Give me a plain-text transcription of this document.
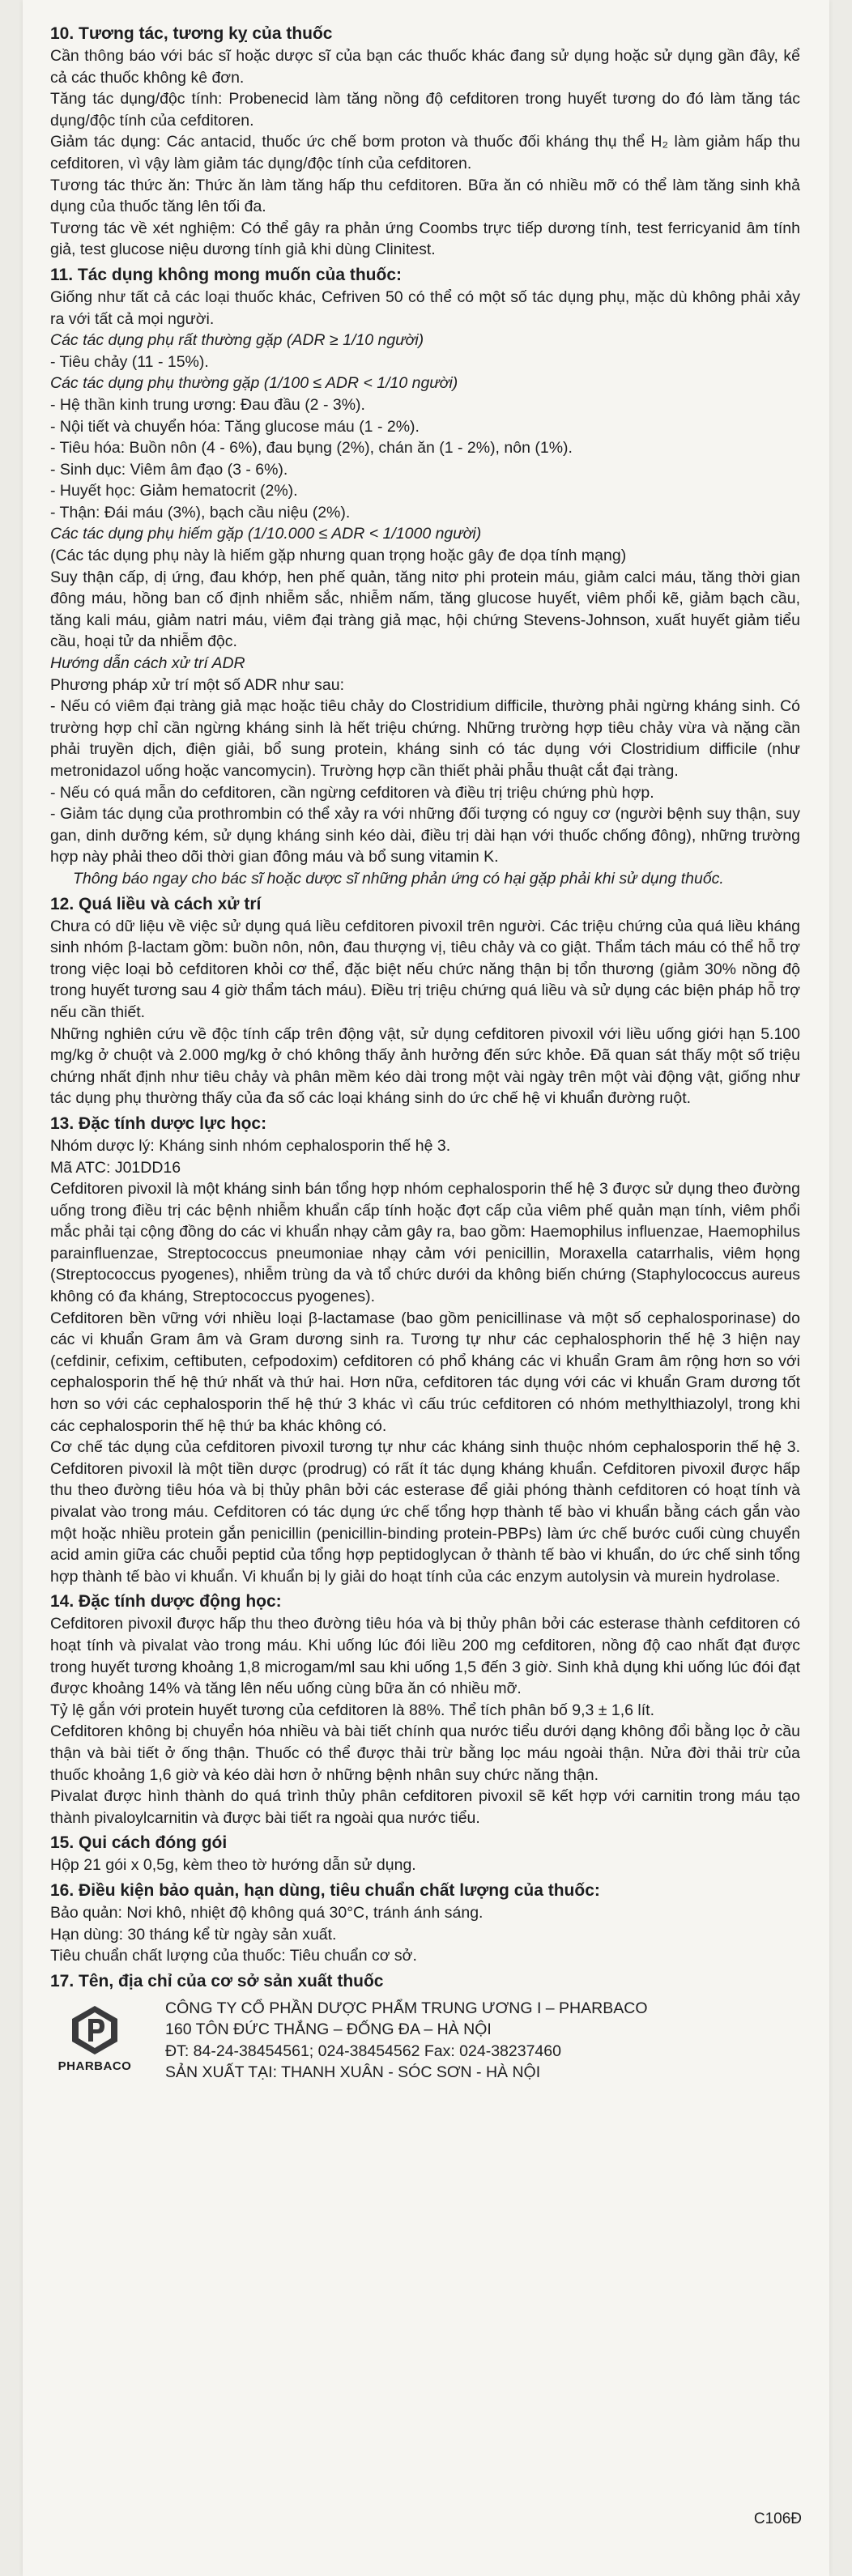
10. Tương tác, tương kỵ của thuốc

Cần thông báo với bác sĩ hoặc dược sĩ của bạn các thuốc khác đang sử dụng hoặc sử dụng gần đây, kể cả các thuốc không kê đơn.

Tăng tác dụng/độc tính: Probenecid làm tăng nồng độ cefditoren trong huyết tương do đó làm tăng tác dụng/độc tính của cefditoren.

Giảm tác dụng: Các antacid, thuốc ức chế bơm proton và thuốc đối kháng thụ thể H₂ làm giảm hấp thu cefditoren, vì vậy làm giảm tác dụng/độc tính của cefditoren.

Tương tác thức ăn: Thức ăn làm tăng hấp thu cefditoren. Bữa ăn có nhiều mỡ có thể làm tăng sinh khả dụng của thuốc tăng lên tối đa.

Tương tác về xét nghiệm: Có thể gây ra phản ứng Coombs trực tiếp dương tính, test ferricyanid âm tính giả, test glucose niệu dương tính giả khi dùng Clinitest.

11. Tác dụng không mong muốn của thuốc:

Giống như tất cả các loại thuốc khác, Cefriven 50 có thể có một số tác dụng phụ, mặc dù không phải xảy ra với tất cả mọi người.

Các tác dụng phụ rất thường gặp (ADR ≥ 1/10 người)

- Tiêu chảy (11 - 15%).

Các tác dụng phụ thường gặp (1/100 ≤ ADR < 1/10 người)

- Hệ thần kinh trung ương: Đau đầu (2 - 3%).

- Nội tiết và chuyển hóa: Tăng glucose máu (1 - 2%).

- Tiêu hóa: Buồn nôn (4 - 6%), đau bụng (2%), chán ăn (1 - 2%), nôn (1%).

- Sinh dục: Viêm âm đạo (3 - 6%).

- Huyết học: Giảm hematocrit (2%).

- Thận: Đái máu (3%), bạch cầu niệu (2%).

Các tác dụng phụ hiếm gặp (1/10.000 ≤ ADR < 1/1000 người)

(Các tác dụng phụ này là hiếm gặp nhưng quan trọng hoặc gây đe dọa tính mạng)

Suy thận cấp, dị ứng, đau khớp, hen phế quản, tăng nitơ phi protein máu, giảm calci máu, tăng thời gian đông máu, hồng ban cố định nhiễm sắc, nhiễm nấm, tăng glucose huyết, viêm phổi kẽ, giảm bạch cầu, tăng kali máu, giảm natri máu, viêm đại tràng giả mạc, hội chứng Stevens-Johnson, xuất huyết giảm tiểu cầu, hoại tử da nhiễm độc.

Hướng dẫn cách xử trí ADR

Phương pháp xử trí một số ADR như sau:

- Nếu có viêm đại tràng giả mạc hoặc tiêu chảy do Clostridium difficile, thường phải ngừng kháng sinh. Có trường hợp chỉ cần ngừng kháng sinh là hết triệu chứng. Những trường hợp tiêu chảy vừa và nặng cần phải truyền dịch, điện giải, bổ sung protein, kháng sinh có tác dụng với Clostridium difficile (như metronidazol uống hoặc vancomycin). Trường hợp cần thiết phải phẫu thuật cắt đại tràng.

- Nếu có quá mẫn do cefditoren, cần ngừng cefditoren và điều trị triệu chứng phù hợp.

- Giảm tác dụng của prothrombin có thể xảy ra với những đối tượng có nguy cơ (người bệnh suy thận, suy gan, dinh dưỡng kém, sử dụng kháng sinh kéo dài, điều trị dài hạn với thuốc chống đông), những trường hợp này phải theo dõi thời gian đông máu và bổ sung vitamin K.

Thông báo ngay cho bác sĩ hoặc dược sĩ những phản ứng có hại gặp phải khi sử dụng thuốc.

12. Quá liều và cách xử trí

Chưa có dữ liệu về việc sử dụng quá liều cefditoren pivoxil trên người. Các triệu chứng của quá liều kháng sinh nhóm β-lactam gồm: buồn nôn, nôn, đau thượng vị, tiêu chảy và co giật. Thẩm tách máu có thể hỗ trợ trong việc loại bỏ cefditoren khỏi cơ thể, đặc biệt nếu chức năng thận bị tổn thương (giảm 30% nồng độ trong huyết tương sau 4 giờ thẩm tách máu). Điều trị triệu chứng quá liều và sử dụng các biện pháp hỗ trợ nếu cần thiết.

Những nghiên cứu về độc tính cấp trên động vật, sử dụng cefditoren pivoxil với liều uống giới hạn 5.100 mg/kg ở chuột và 2.000 mg/kg ở chó không thấy ảnh hưởng đến sức khỏe. Đã quan sát thấy một số triệu chứng nhất định như tiêu chảy và phân mềm kéo dài trong một vài ngày trên một vài động vật, giống như tác dụng phụ thường thấy của đa số các loại kháng sinh do ức chế hệ vi khuẩn đường ruột.

13. Đặc tính dược lực học:

Nhóm dược lý: Kháng sinh nhóm cephalosporin thế hệ 3.

Mã ATC: J01DD16

Cefditoren pivoxil là một kháng sinh bán tổng hợp nhóm cephalosporin thế hệ 3 được sử dụng theo đường uống trong điều trị các bệnh nhiễm khuẩn cấp tính hoặc đợt cấp của viêm phế quản mạn tính, viêm phổi mắc phải tại cộng đồng do các vi khuẩn nhạy cảm gây ra, bao gồm: Haemophilus influenzae, Haemophilus parainfluenzae, Streptococcus pneumoniae nhạy cảm với penicillin, Moraxella catarrhalis, viêm họng (Streptococcus pyogenes), nhiễm trùng da và tổ chức dưới da không biến chứng (Staphylococcus aureus không có đa kháng, Streptococcus pyogenes).

Cefditoren bền vững với nhiều loại β-lactamase (bao gồm penicillinase và một số cephalosporinase) do các vi khuẩn Gram âm và Gram dương sinh ra. Tương tự như các cephalosphorin thế hệ 3 hiện nay (cefdinir, cefixim, ceftibuten, cefpodoxim) cefditoren có phổ kháng các vi khuẩn Gram âm rộng hơn so với cephalosporin thế hệ thứ nhất và thứ hai. Hơn nữa, cefditoren tác dụng với các vi khuẩn Gram dương tốt hơn so với các cephalosporin thế hệ thứ 3 khác vì cấu trúc cefditoren có nhóm methylthiazolyl, trong khi các cephalosporin thế hệ thứ ba khác không có.

Cơ chế tác dụng của cefditoren pivoxil tương tự như các kháng sinh thuộc nhóm cephalosporin thế hệ 3. Cefditoren pivoxil là một tiền dược (prodrug) có rất ít tác dụng kháng khuẩn. Cefditoren pivoxil được hấp thu theo đường tiêu hóa và bị thủy phân bởi các esterase để giải phóng thành cefditoren có hoạt tính và pivalat vào trong máu. Cefditoren có tác dụng ức chế tổng hợp thành tế bào vi khuẩn bằng cách gắn vào một hoặc nhiều protein gắn penicillin (penicillin-binding protein-PBPs) làm ức chế bước cuối cùng chuyển acid amin giữa các chuỗi peptid của tổng hợp peptidoglycan ở thành tế bào vi khuẩn, do ức chế sinh tổng hợp thành tế bào vi khuẩn. Vi khuẩn bị ly giải do hoạt tính của các enzym autolysin và murein hydrolase.

14. Đặc tính dược động học:

Cefditoren pivoxil được hấp thu theo đường tiêu hóa và bị thủy phân bởi các esterase thành cefditoren có hoạt tính và pivalat vào trong máu. Khi uống lúc đói liều 200 mg cefditoren, nồng độ cao nhất đạt được trong huyết tương khoảng 1,8 microgam/ml sau khi uống 1,5 đến 3 giờ. Sinh khả dụng khi uống lúc đói đạt được khoảng 14% và tăng lên nếu uống cùng bữa ăn có nhiều mỡ.

Tỷ lệ gắn với protein huyết tương của cefditoren là 88%. Thể tích phân bố 9,3 ± 1,6 lít.

Cefditoren không bị chuyển hóa nhiều và bài tiết chính qua nước tiểu dưới dạng không đổi bằng lọc ở cầu thận và bài tiết ở ống thận. Thuốc có thể được thải trừ bằng lọc máu ngoài thận. Nửa đời thải trừ của thuốc khoảng 1,6 giờ và kéo dài hơn ở những bệnh nhân suy chức năng thận.

Pivalat được hình thành do quá trình thủy phân cefditoren pivoxil sẽ kết hợp với carnitin trong máu tạo thành pivaloylcarnitin và được bài tiết ra ngoài qua nước tiểu.

15. Qui cách đóng gói

Hộp 21 gói x 0,5g, kèm theo tờ hướng dẫn sử dụng.

16. Điều kiện bảo quản, hạn dùng, tiêu chuẩn chất lượng của thuốc:

Bảo quản: Nơi khô, nhiệt độ không quá 30°C, tránh ánh sáng.

Hạn dùng: 30 tháng kể từ ngày sản xuất.

Tiêu chuẩn chất lượng của thuốc: Tiêu chuẩn cơ sở.

17. Tên, địa chỉ của cơ sở sản xuất thuốc
PHARBACO

CÔNG TY CỔ PHẦN DƯỢC PHẨM TRUNG ƯƠNG I – PHARBACO

160 TÔN ĐỨC THẮNG – ĐỐNG ĐA – HÀ NỘI

ĐT: 84-24-38454561; 024-38454562 Fax: 024-38237460

SẢN XUẤT TẠI: THANH XUÂN - SÓC SƠN - HÀ NỘI

C106Đ
